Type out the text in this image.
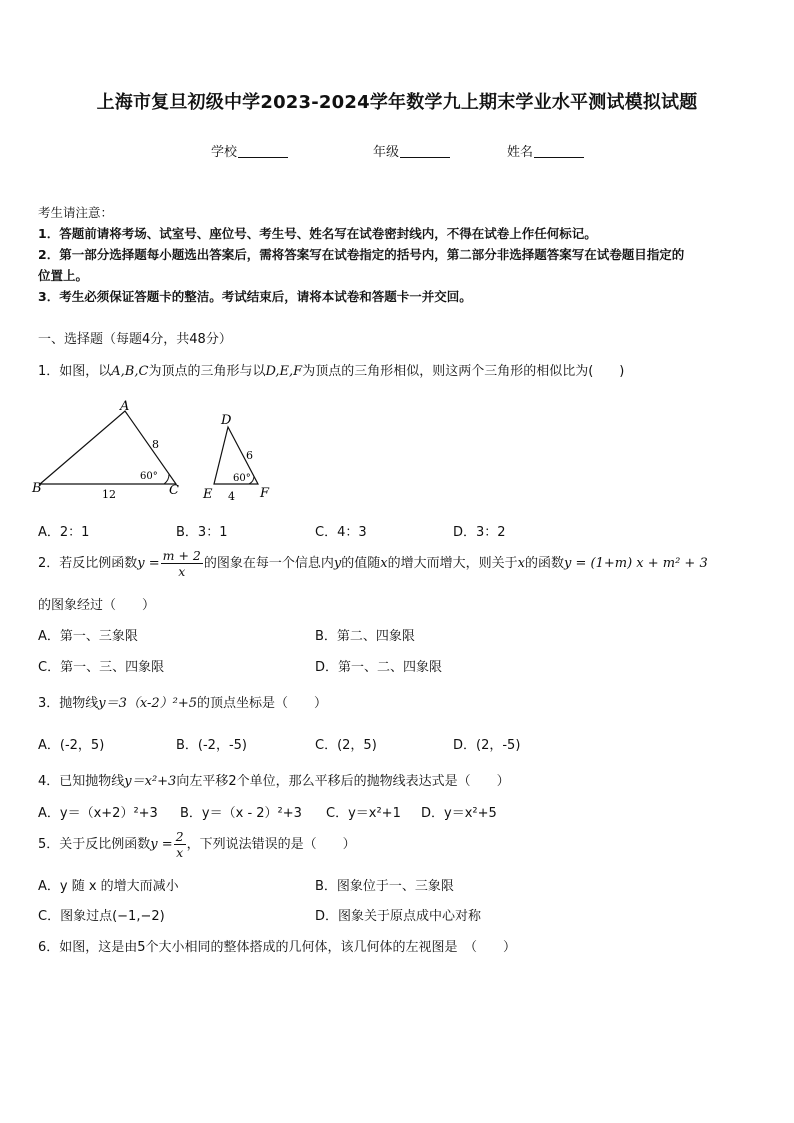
上海市复旦初级中学2023-2024学年数学九上期末学业水平测试模拟试题
学校	年级	姓名
考生请注意：
1．答题前请将考场、试室号、座位号、考生号、姓名写在试卷密封线内，不得在试卷上作任何标记。
2．第一部分选择题每小题选出答案后，需将答案写在试卷指定的括号内，第二部分非选择题答案写在试卷题目指定的
位置上。
3．考生必须保证答题卡的整洁。考试结束后，请将本试卷和答题卡一并交回。
一、选择题（每题4分，共48分）
1．如图，以A,B,C为顶点的三角形与以D,E,F为顶点的三角形相似，则这两个三角形的相似比为(　　)
A
B	C
8
12
60°
D
E	F
6
4
60°
A．2：1	B．3：1	C．4：3	D．3：2
2．若反比例函数$y = \frac{m + 2}{x}$ 的图象在每一个信息内y的值随x的增大而增大，则关于x的函数y = (1+m) x + m² + 3
的图象经过（　　）
A．第一、三象限	B．第二、四象限
C．第一、三、四象限	D．第一、二、四象限
3．抛物线y＝3（x-2）²+5的顶点坐标是（　　）
A．(-2，5)	B．(-2，-5)	C．(2，5)	D．(2，-5)
4．已知抛物线y＝x²+3向左平移2个单位，那么平移后的抛物线表达式是（　　）
A．y＝（x+2）²+3 B．y＝（x - 2）²+3 C．y＝x²+1 D．y＝x²+5
5．关于反比例函数$y = \frac{2}{x}$ ，下列说法错误的是（　　）
A．y 随 x 的增大而减小	B．图象位于一、三象限
C．图象过点(−1,−2)	D．图象关于原点成中心对称
6．如图，这是由5个大小相同的整体搭成的几何体，该几何体的左视图是　（　　）
